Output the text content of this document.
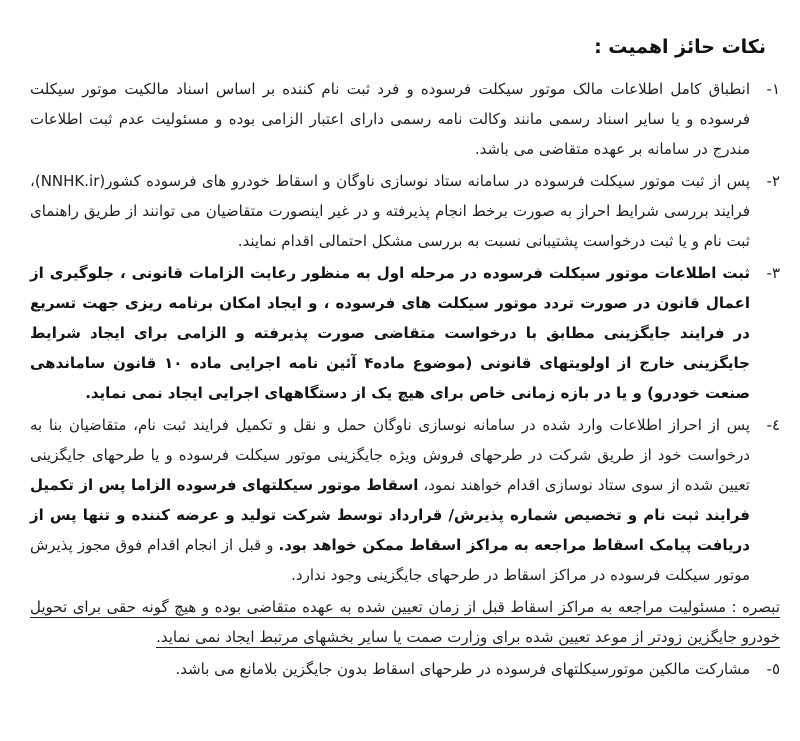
نکات حائز اهمیت :
١-
انطباق کامل اطلاعات مالک موتور سیکلت فرسوده و فرد ثبت نام کننده بر اساس اسناد مالکیت موتور سیکلت فرسوده و یا سایر اسناد رسمی مانند وکالت نامه رسمی دارای اعتبار الزامی بوده و مسئولیت عدم ثبت اطلاعات مندرج در سامانه بر عهده متقاضی می باشد.
٢-
پس از ثبت موتور سیکلت فرسوده در سامانه ستاد نوسازی ناوگان و اسقاط خودرو های فرسوده کشور(NNHK.ir)، فرایند بررسی شرایط احراز به صورت برخط انجام پذیرفته و در غیر اینصورت متقاضیان می توانند از طریق راهنمای ثبت نام و یا ثبت درخواست پشتیبانی نسبت به بررسی مشکل احتمالی اقدام نمایند.
٣-
ثبت اطلاعات موتور سیکلت فرسوده در مرحله اول به منظور رعایت الزامات قانونی ، جلوگیری از اعمال قانون در صورت تردد موتور سیکلت های فرسوده ، و ایجاد امکان برنامه ریزی جهت تسریع در فرایند جایگزینی مطابق با درخواست متقاضی صورت پذیرفته و الزامی برای ایجاد شرایط جایگزینی خارج از اولویتهای قانونی (موضوع ماده۴ آئین نامه اجرایی ماده ۱۰ قانون ساماندهی صنعت خودرو) و یا در بازه زمانی خاص برای هیچ یک از دستگاههای اجرایی ایجاد نمی نماید.
٤-
پس از احراز اطلاعات وارد شده در سامانه نوسازی ناوگان حمل و نقل و تکمیل فرایند ثبت نام، متقاضیان بنا به درخواست خود از طریق شرکت در طرحهای فروش ویژه جایگزینی موتور سیکلت فرسوده و یا طرحهای جایگزینی تعیین شده از سوی ستاد نوسازی اقدام خواهند نمود، اسقاط موتور سیکلتهای فرسوده الزاما پس از تکمیل فرایند ثبت نام و تخصیص شماره پذیرش/ قرارداد توسط شرکت تولید و عرضه کننده و تنها پس از دریافت پیامک اسقاط مراجعه به مراکز اسقاط ممکن خواهد بود. و قبل از انجام اقدام فوق مجوز پذیرش موتور سیکلت فرسوده در مراکز اسقاط در طرحهای جایگزینی وجود ندارد.
تبصره : مسئولیت مراجعه به مراکز اسقاط قبل از زمان تعیین شده به عهده متقاضی بوده و هیچ گونه حقی برای تحویل خودرو جایگزین زودتر از موعد تعیین شده برای وزارت صمت یا سایر بخشهای مرتبط ایجاد نمی نماید.
٥-
مشارکت مالکین موتورسیکلتهای فرسوده در طرحهای اسقاط بدون جایگزین بلامانع می باشد.
